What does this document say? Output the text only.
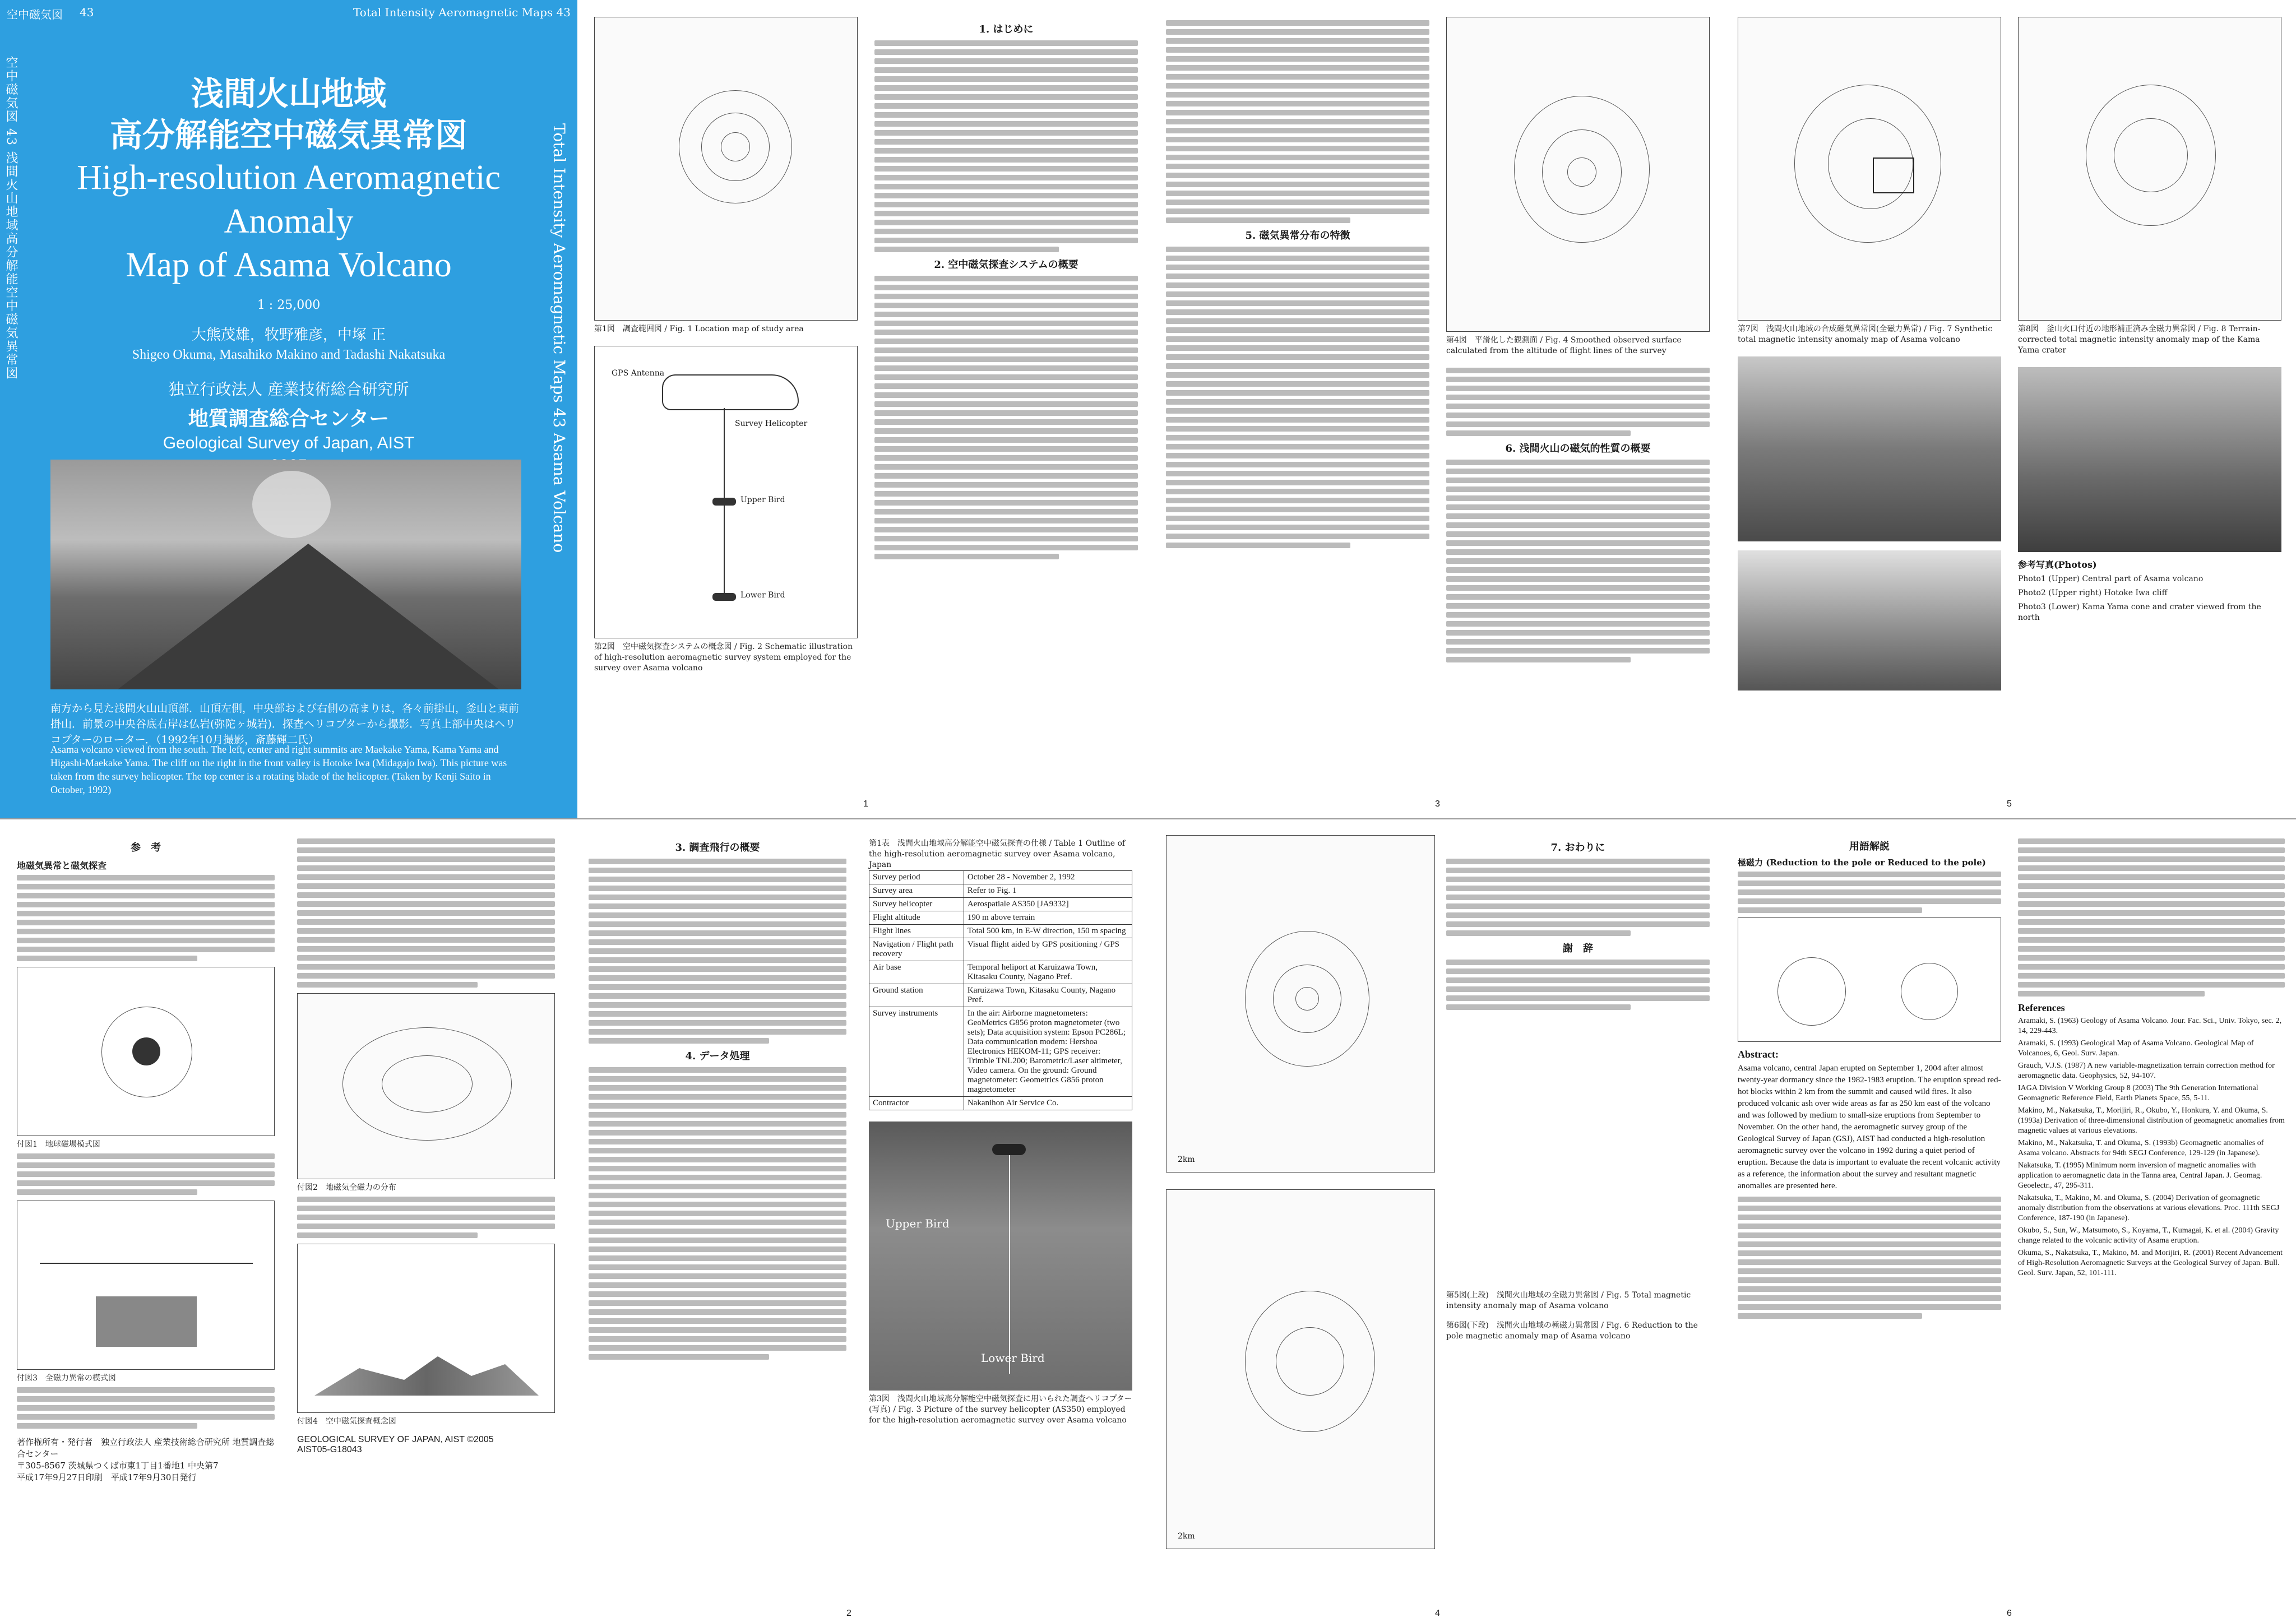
空中磁気図 43	Total Intensity Aeromagnetic Maps 43
空中磁気図 43 浅間火山地域高分解能空中磁気異常図	Total Intensity Aeromagnetic Maps 43 Asama Volcano
浅間火山地域
高分解能空中磁気異常図
High-resolution Aeromagnetic Anomaly
Map of Asama Volcano
1 : 25,000
大熊茂雄，牧野雅彦，中塚 正
Shigeo Okuma, Masahiko Makino and Tadashi Nakatsuka
独立行政法人 産業技術総合研究所
地質調査総合センター
Geological Survey of Japan, AIST
南方から見た浅間火山山頂部．山頂左側，中央部および右側の高まりは，各々前掛山，釜山と東前掛山．前景の中央谷底右岸は仏岩(弥陀ヶ城岩)．探査ヘリコプターから撮影．写真上部中央はヘリコプターのローター．（1992年10月撮影，斎藤輝二氏）
Asama volcano viewed from the south. The left, center and right summits are Maekake Yama, Kama Yama and Higashi-Maekake Yama. The cliff on the right in the front valley is Hotoke Iwa (Midagajo Iwa). This picture was taken from the survey helicopter. The top center is a rotating blade of the helicopter. (Taken by Kenji Saito in October, 1992)
第1図　調査範囲図 / Fig. 1 Location map of study area
GPS Antenna
Survey Helicopter
Upper Bird
Lower Bird
第2図　空中磁気探査システムの概念図 / Fig. 2 Schematic illustration of high-resolution aeromagnetic survey system employed for the survey over Asama volcano
1. はじめに
2. 空中磁気探査システムの概要
1
5. 磁気異常分布の特徴
第4図　平滑化した観測面 / Fig. 4 Smoothed observed surface calculated from the altitude of flight lines of the survey
6. 浅間火山の磁気的性質の概要
3
第7図　浅間火山地域の合成磁気異常図(全磁力異常) / Fig. 7 Synthetic total magnetic intensity anomaly map of Asama volcano
第8図　釜山火口付近の地形補正済み全磁力異常図 / Fig. 8 Terrain-corrected total magnetic intensity anomaly map of the Kama Yama crater
参考写真(Photos)
Photo1 (Upper) Central part of Asama volcano
Photo2 (Upper right) Hotoke Iwa cliff
Photo3 (Lower) Kama Yama cone and crater viewed from the north
5
参　考
地磁気異常と磁気探査
付図1　地球磁場模式図
付図3　全磁力異常の模式図
著作権所有・発行者　独立行政法人 産業技術総合研究所 地質調査総合センター
〒305-8567 茨城県つくば市東1丁目1番地1 中央第7
平成17年9月27日印刷　平成17年9月30日発行
付図2　地磁気全磁力の分布
付図4　空中磁気探査概念図
GEOLOGICAL SURVEY OF JAPAN, AIST ©2005
AIST05-G18043
3. 調査飛行の概要
4. データ処理
第1表　浅間火山地域高分解能空中磁気探査の仕様 / Table 1 Outline of the high-resolution aeromagnetic survey over Asama volcano, Japan
Survey period	October 28 - November 2, 1992
Survey area	Refer to Fig. 1
Survey helicopter	Aerospatiale AS350 [JA9332]
Flight altitude	190 m above terrain
Flight lines	Total 500 km, in E-W direction, 150 m spacing
Navigation / Flight path recovery	Visual flight aided by GPS positioning / GPS
Air base	Temporal heliport at Karuizawa Town, Kitasaku County, Nagano Pref.
Ground station	Karuizawa Town, Kitasaku County, Nagano Pref.
Survey instruments	In the air: Airborne magnetometers: GeoMetrics G856 proton magnetometer (two sets); Data acquisition system: Epson PC286L; Data communication modem: Hershoa Electronics HEKOM-11; GPS receiver: Trimble TNL200; Barometric/Laser altimeter, Video camera. On the ground: Ground magnetometer: Geometrics G856 proton magnetometer
Contractor	Nakanihon Air Service Co.
Upper Bird
Lower Bird
第3図　浅間火山地域高分解能空中磁気探査に用いられた調査ヘリコプター(写真) / Fig. 3 Picture of the survey helicopter (AS350) employed for the high-resolution aeromagnetic survey over Asama volcano
2
2km
2km
7. おわりに
謝　辞
第5図(上段)　浅間火山地域の全磁力異常図 / Fig. 5 Total magnetic intensity anomaly map of Asama volcano
第6図(下段)　浅間火山地域の極磁力異常図 / Fig. 6 Reduction to the pole magnetic anomaly map of Asama volcano
4
用語解説
極磁力 (Reduction to the pole or Reduced to the pole)
Abstract:
Asama volcano, central Japan erupted on September 1, 2004 after almost twenty-year dormancy since the 1982-1983 eruption. The eruption spread red-hot blocks within 2 km from the summit and caused wild fires. It also produced volcanic ash over wide areas as far as 250 km east of the volcano and was followed by medium to small-size eruptions from September to November. On the other hand, the aeromagnetic survey group of the Geological Survey of Japan (GSJ), AIST had conducted a high-resolution aeromagnetic survey over the volcano in 1992 during a quiet period of eruption. Because the data is important to evaluate the recent volcanic activity as a reference, the information about the survey and resultant magnetic anomalies are presented here.
References
Aramaki, S. (1963) Geology of Asama Volcano. Jour. Fac. Sci., Univ. Tokyo, sec. 2, 14, 229-443.
Aramaki, S. (1993) Geological Map of Asama Volcano. Geological Map of Volcanoes, 6, Geol. Surv. Japan.
Grauch, V.J.S. (1987) A new variable-magnetization terrain correction method for aeromagnetic data. Geophysics, 52, 94-107.
IAGA Division V Working Group 8 (2003) The 9th Generation International Geomagnetic Reference Field, Earth Planets Space, 55, 5-11.
Makino, M., Nakatsuka, T., Morijiri, R., Okubo, Y., Honkura, Y. and Okuma, S. (1993a) Derivation of three-dimensional distribution of geomagnetic anomalies from magnetic values at various elevations.
Makino, M., Nakatsuka, T. and Okuma, S. (1993b) Geomagnetic anomalies of Asama volcano. Abstracts for 94th SEGJ Conference, 129-129 (in Japanese).
Nakatsuka, T. (1995) Minimum norm inversion of magnetic anomalies with application to aeromagnetic data in the Tanna area, Central Japan. J. Geomag. Geoelectr., 47, 295-311.
Nakatsuka, T., Makino, M. and Okuma, S. (2004) Derivation of geomagnetic anomaly distribution from the observations at various elevations. Proc. 111th SEGJ Conference, 187-190 (in Japanese).
Okubo, S., Sun, W., Matsumoto, S., Koyama, T., Kumagai, K. et al. (2004) Gravity change related to the volcanic activity of Asama eruption.
Okuma, S., Nakatsuka, T., Makino, M. and Morijiri, R. (2001) Recent Advancement of High-Resolution Aeromagnetic Surveys at the Geological Survey of Japan. Bull. Geol. Surv. Japan, 52, 101-111.
6
